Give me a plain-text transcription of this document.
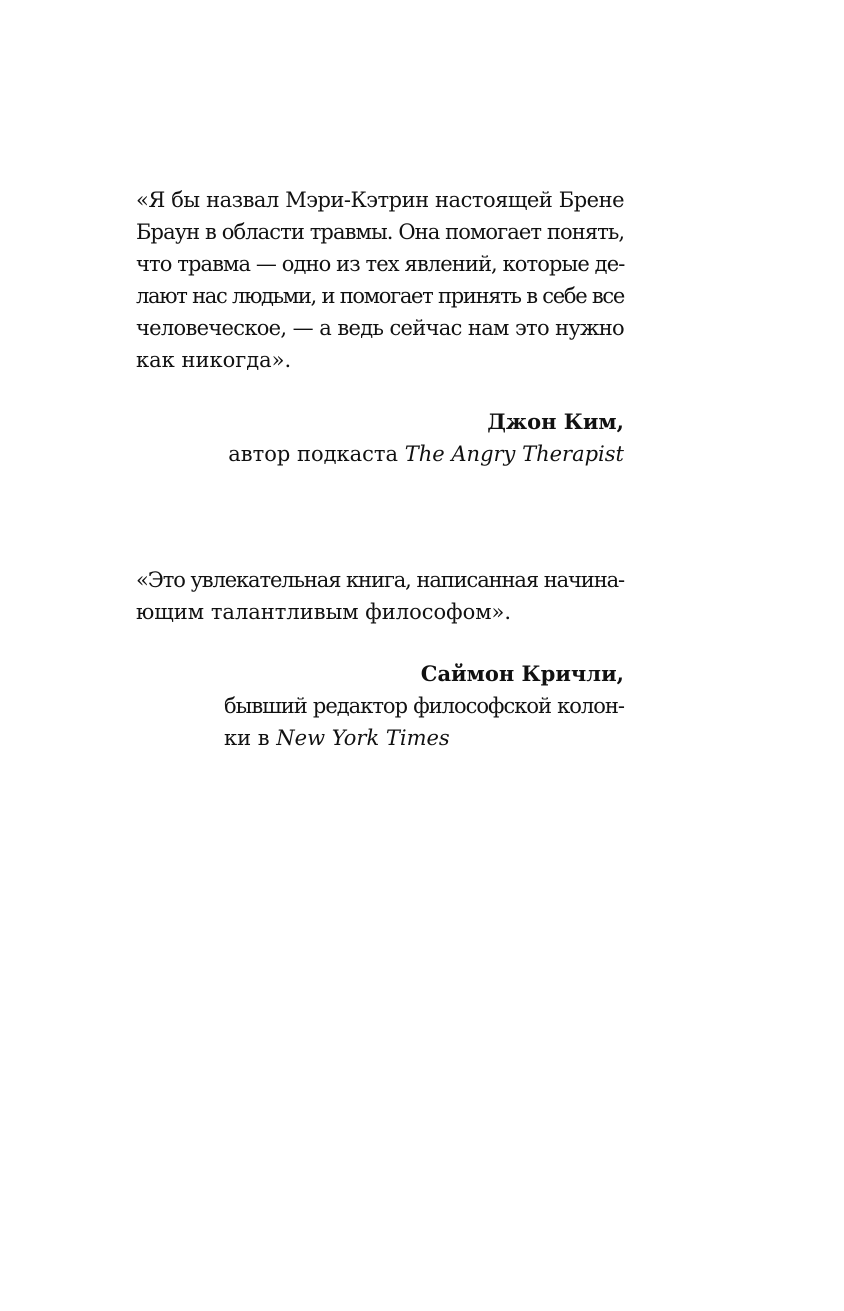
«Я бы назвал Мэри-Кэтрин настоящей Брене
Браун в области травмы. Она помогает понять,
что травма — одно из тех явлений, которые де-
лают нас людьми, и помогает принять в себе все
человеческое, — а ведь сейчас нам это нужно
как никогда».
Джон Ким,
автор подкаста The Angry Therapist
«Это увлекательная книга, написанная начина-
ющим талантливым философом».
Саймон Кричли,
бывший редактор философской колон-
ки в New York Times
